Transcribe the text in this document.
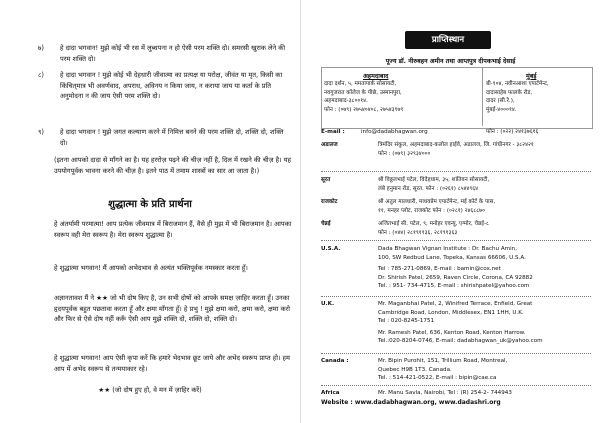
७)	हे दादा भगवान! मुझे कोई भी रस में लुब्धपना न हो ऐसी परम शक्ति दो। समरसी खुराक लेने की परम शक्ति दो।
८)	हे दादा भगवान ! मुझे कोई भी देहधारी जीवात्मा का प्रत्यक्ष या परोक्ष, जीवंत या मृत, किसी का किंचित्‌मात्र भी अवर्णवाद, अपराध, अविनय न किया जाय, न कराया जाय या कर्ता के प्रति अनुमोदना न की जाय ऐसी परम शक्ति दो।
९)	हे दादा भगवान ! मुझे जगत कल्याण करने में निमित्त बनने की परम शक्ति दो, शक्ति दो, शक्ति दो।
(इतना आपको दादा से माँगने का है। यह हररोज़ पढ़ने की चीज़ नहीं है, दिल में रखने की चीज़ है। यह उपयोगपूर्वक भावना करने की चीज़ है। इतने पाठ में तमाम शास्त्रों का सार आ जाता है।)
शुद्धात्मा के प्रति प्रार्थना
हे अंतर्यामी परमात्मा! आप प्रत्येक जीवमात्र में बिराजमान हैं, वैसे ही मुझ में भी बिराजमान है। आपका स्वरूप वही मेरा स्वरूप है। मेरा स्वरूप शुद्धात्मा है।
हे शुद्धात्मा भगवान! मैं आपको अभेदभाव से अत्यंत भक्तिपूर्वक नमस्कार करता हूँ।
अज्ञानतावश मैं ने ★★ जो भी दोष किए है, उन सभी दोषों को आपके समक्ष ज़ाहिर करता हूँ। उनका हृदयपूर्वक बहुत पछतावा करता हूँ और क्षमा माँगता हूँ। हे प्रभु ! मुझे क्षमा करो, क्षमा करो, क्षमा करो और फिर से ऐसे दोष नहीं करूँ ऐसी आप मुझे शक्ति दो, शक्ति दो, शक्ति दो।
हे शुद्धात्मा भगवान! आप ऐसी कृपा करें कि हमारे भेदभाव छूट जाये और अभेद स्वरूप प्राप्त हो। हम आप में अभेद स्वरूप से तन्मयाकार रहे।
★★ (जो दोष हुए हो, वे मन में ज़ाहिर करें)
प्राप्तिस्थान
पूज्य डॉ. नीरुबहन अमीन तथा आप्तपुत्र दीपकभाई देसाई
अहमदाबाद
दादा दर्शन, ५, ममतापार्क सोसायटी,
नवगुजरात कॉलेज के पीछे, उस्मानपुरा,
अहमदाबाद-३८००१४.
फोन : (०७९) २७५४०४०८, २७५४३९७९
मुंबई
बी-९०४, नवीनआशा एपार्टमेन्ट,
दादासाहेब फालके रोड,
दादर (सी.रे.),
मुंबई-४०००१४.
E-mail :	info@dadabhagwan.org	फोन : (०२२) २४१३७६१६
अडालज	त्रिमंदिर संकुल, अहमदाबाद-कलोल हाईवे, अडालज, जि. गांधीनगर - ३८२४२१
फोन : (०७९) ३२९३४०००
सूरत	श्री विठ्ठलभाई पटेल, विदेहधाम, ३५, शांतिवन सोसायटी,
लंबे हनुमान रोड, सूरत. फोन : (०२६१) ८५४४९६४
राजकोट	श्री अतुल मालधारी, माधवप्रेम एपार्टमेन्ट, मई कोर्ट के पास,
११, मनहर प्लोट, राजकोट फोन : (०२८१) २४६८८७०
चेन्नई	अजितभाई सी. पटेल, ९, मनोहर एवन्यु, एग्मोर, चेन्नई-८
फोन : (०४४) २८१९११३६, २८१९१३६३
U.S.A.	Dada Bhagwan Vignan Institute : Dr. Bachu Amin,
100, SW Redbud Lane, Topeka, Kansas 66606, U.S.A.
Tel : 785-271-0869, E-mail : bamin@cox.net
Dr. Shirish Patel, 2659, Raven Circle, Corona, CA 92882
Tel. : 951- 734-4715, E-mail : shirishpatel@yahoo.com
U.K.	Mr. Maganbhai Patel, 2, Winifred Terrace, Enfield, Great
Cambridge Road, London, Middlesex, EN1 1HH, U.K.
Tel : 020-8245-1751
Mr. Ramesh Patel, 636, Kenton Road, Kenton Harrow.
Tel.:020-8204-0746, E-mail: dadabhagwan_uk@yahoo.com
Canada :	Mr. Bipin Purohit, 151, Trillium Road, Montreal,
Quebec H9B 1T3. Canada.
Tel. : 514-421-0522, E-mail : bipin@cae.ca
Africa	Mr. Manu Savla, Nairobi, Tel : (R) 254-2- 744943
Website : www.dadabhagwan.org, www.dadashri.org
